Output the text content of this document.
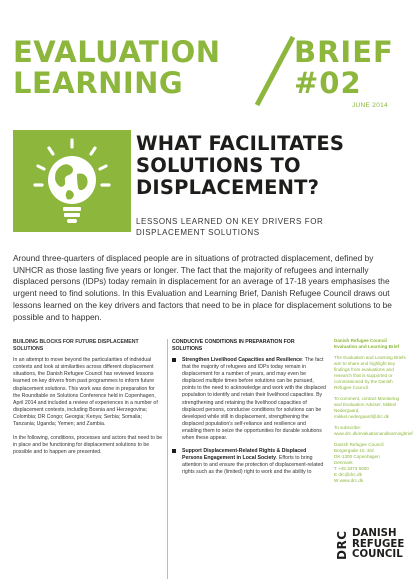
EVALUATION
LEARNING
BRIEF
#02
JUNE 2014
WHAT FACILITATES
SOLUTIONS TO
DISPLACEMENT?
LESSONS LEARNED ON KEY DRIVERS FOR
DISPLACEMENT SOLUTIONS

Around three-quarters of displaced people are in situations of protracted displacement, defined by UNHCR as those lasting five years or longer. The fact that the majority of refugees and internally displaced persons (IDPs) today remain in displacement for an average of 17-18 years emphasises the urgent need to find solutions. In this Evaluation and Learning Brief, Danish Refugee Council draws out lessons learned on the key drivers and factors that need to be in place for displacement solutions to be possible and to happen.

BUILDING BLOCKS FOR FUTURE DISPLACEMENT SOLUTIONS

In an attempt to move beyond the particularities of individual contexts and look at similarities across different displacement situations, the Danish Refugee Council has reviewed lessons learned on key drivers from past programmes to inform future displacement solutions. This work was done in preparation for the Roundtable on Solutions Conference held in Copenhagen, April 2014 and included a review of experiences in a number of displacement contexts, including Bosnia and Herzegovina; Colombia; DR Congo; Georgia; Kenya; Serbia; Somalia; Tanzania; Uganda; Yemen; and Zambia.

In the following, conditions, processes and actors that need to be in place and be functioning for displacement solutions to be possible and to happen are presented.

CONDUCIVE CONDITIONS IN PREPARATION FOR SOLUTIONS

Strengthen Livelihood Capacities and Resilience: The fact that the majority of refugees and IDPs today remain in displacement for a number of years, and may even be displaced multiple times before solutions can be pursued, points to the need to acknowledge and work with the displaced population to identify and retain their livelihood capacities. By strengthening and retaining the livelihood capacities of displaced persons, conducive conditions for solutions can be developed while still in displacement, strengthening the displaced population's self-reliance and resilience and enabling them to seize the opportunities for durable solutions when these appear.
Support Displacement-Related Rights & Displaced Persons Engagement in Local Society. Efforts to bring attention to and ensure the protection of displacement-related rights such as the (limited) right to work and the ability to

Danish Refugee Council Evaluation and Learning Brief

The Evaluation and Learning Briefs aim to share and highlight key findings from evaluations and research that is supported or commissioned by the Danish Refugee Council.

To comment, contact Monitoring and Evaluation Adviser, Mikkel Nedergaard, mikkel.nedergaard@drc.dk

To subscribe: www.drc.dk/evaluationandlearningbrief

Danish Refugee Council
Borgergade 10, 3rd
DK-1300 Copenhagen
Denmark
T +45 3373 5000
E drc@drc.dk
W www.drc.dk

DRC DANISH
REFUGEE
COUNCIL
